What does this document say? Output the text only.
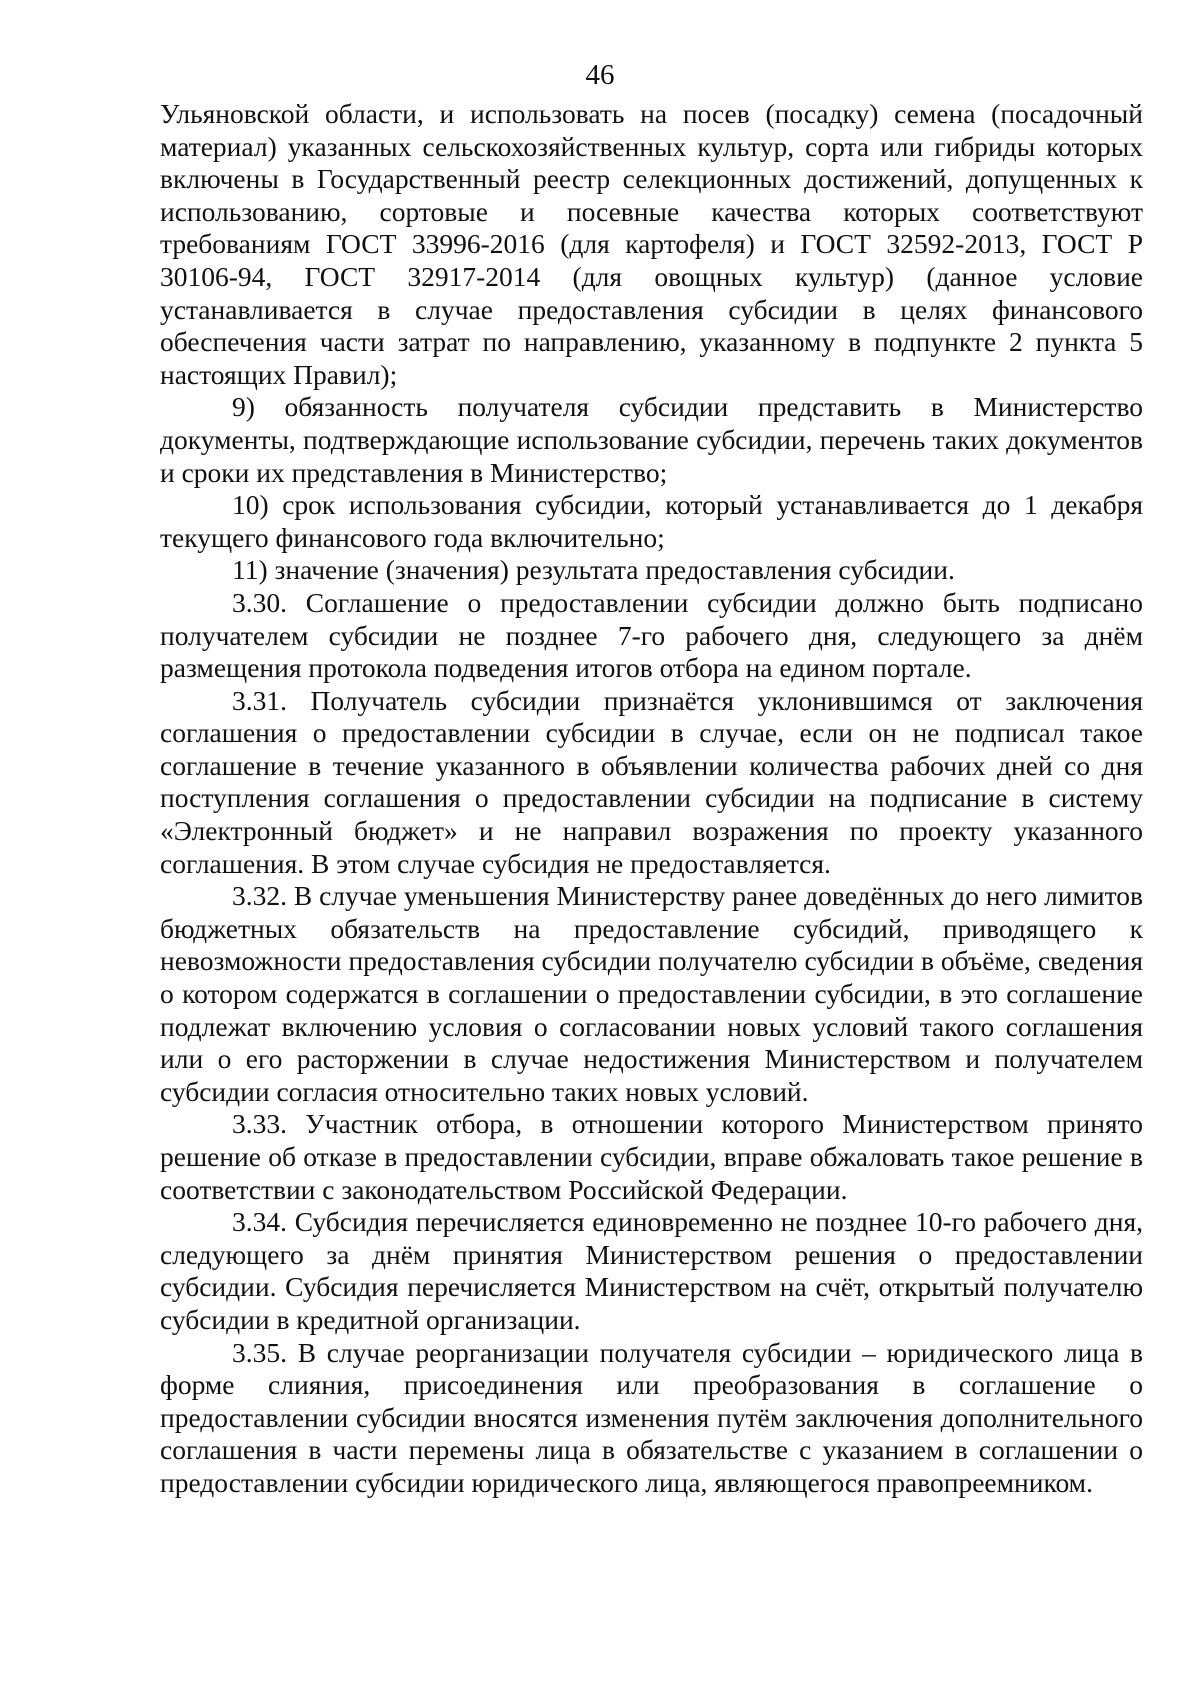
46

Ульяновской области, и использовать на посев (посадку) семена (посадочный материал) указанных сельскохозяйственных культур, сорта или гибриды которых включены в Государственный реестр селекционных достижений, допущенных к использованию, сортовые и посевные качества которых соответствуют требованиям ГОСТ 33996-2016 (для картофеля) и ГОСТ 32592-2013, ГОСТ Р 30106-94, ГОСТ 32917-2014 (для овощных культур) (данное условие устанавливается в случае предоставления субсидии в целях финансового обеспечения части затрат по направлению, указанному в подпункте 2 пункта 5 настоящих Правил);

9) обязанность получателя субсидии представить в Министерство документы, подтверждающие использование субсидии, перечень таких документов и сроки их представления в Министерство;

10) срок использования субсидии, который устанавливается до 1 декабря текущего финансового года включительно;

11) значение (значения) результата предоставления субсидии.

3.30. Соглашение о предоставлении субсидии должно быть подписано получателем субсидии не позднее 7-го рабочего дня, следующего за днём размещения протокола подведения итогов отбора на едином портале.

3.31. Получатель субсидии признаётся уклонившимся от заключения соглашения о предоставлении субсидии в случае, если он не подписал такое соглашение в течение указанного в объявлении количества рабочих дней со дня поступления соглашения о предоставлении субсидии на подписание в систему «Электронный бюджет» и не направил возражения по проекту указанного соглашения. В этом случае субсидия не предоставляется.

3.32. В случае уменьшения Министерству ранее доведённых до него лимитов бюджетных обязательств на предоставление субсидий, приводящего к невозможности предоставления субсидии получателю субсидии в объёме, сведения о котором содержатся в соглашении о предоставлении субсидии, в это соглашение подлежат включению условия о согласовании новых условий такого соглашения или о его расторжении в случае недостижения Министерством и получателем субсидии согласия относительно таких новых условий.

3.33. Участник отбора, в отношении которого Министерством принято решение об отказе в предоставлении субсидии, вправе обжаловать такое решение в соответствии с законодательством Российской Федерации.

3.34. Субсидия перечисляется единовременно не позднее 10-го рабочего дня, следующего за днём принятия Министерством решения о предоставлении субсидии. Субсидия перечисляется Министерством на счёт, открытый получателю субсидии в кредитной организации.

3.35. В случае реорганизации получателя субсидии – юридического лица в форме слияния, присоединения или преобразования в соглашение о предоставлении субсидии вносятся изменения путём заключения дополнительного соглашения в части перемены лица в обязательстве с указанием в соглашении о предоставлении субсидии юридического лица, являющегося правопреемником.
